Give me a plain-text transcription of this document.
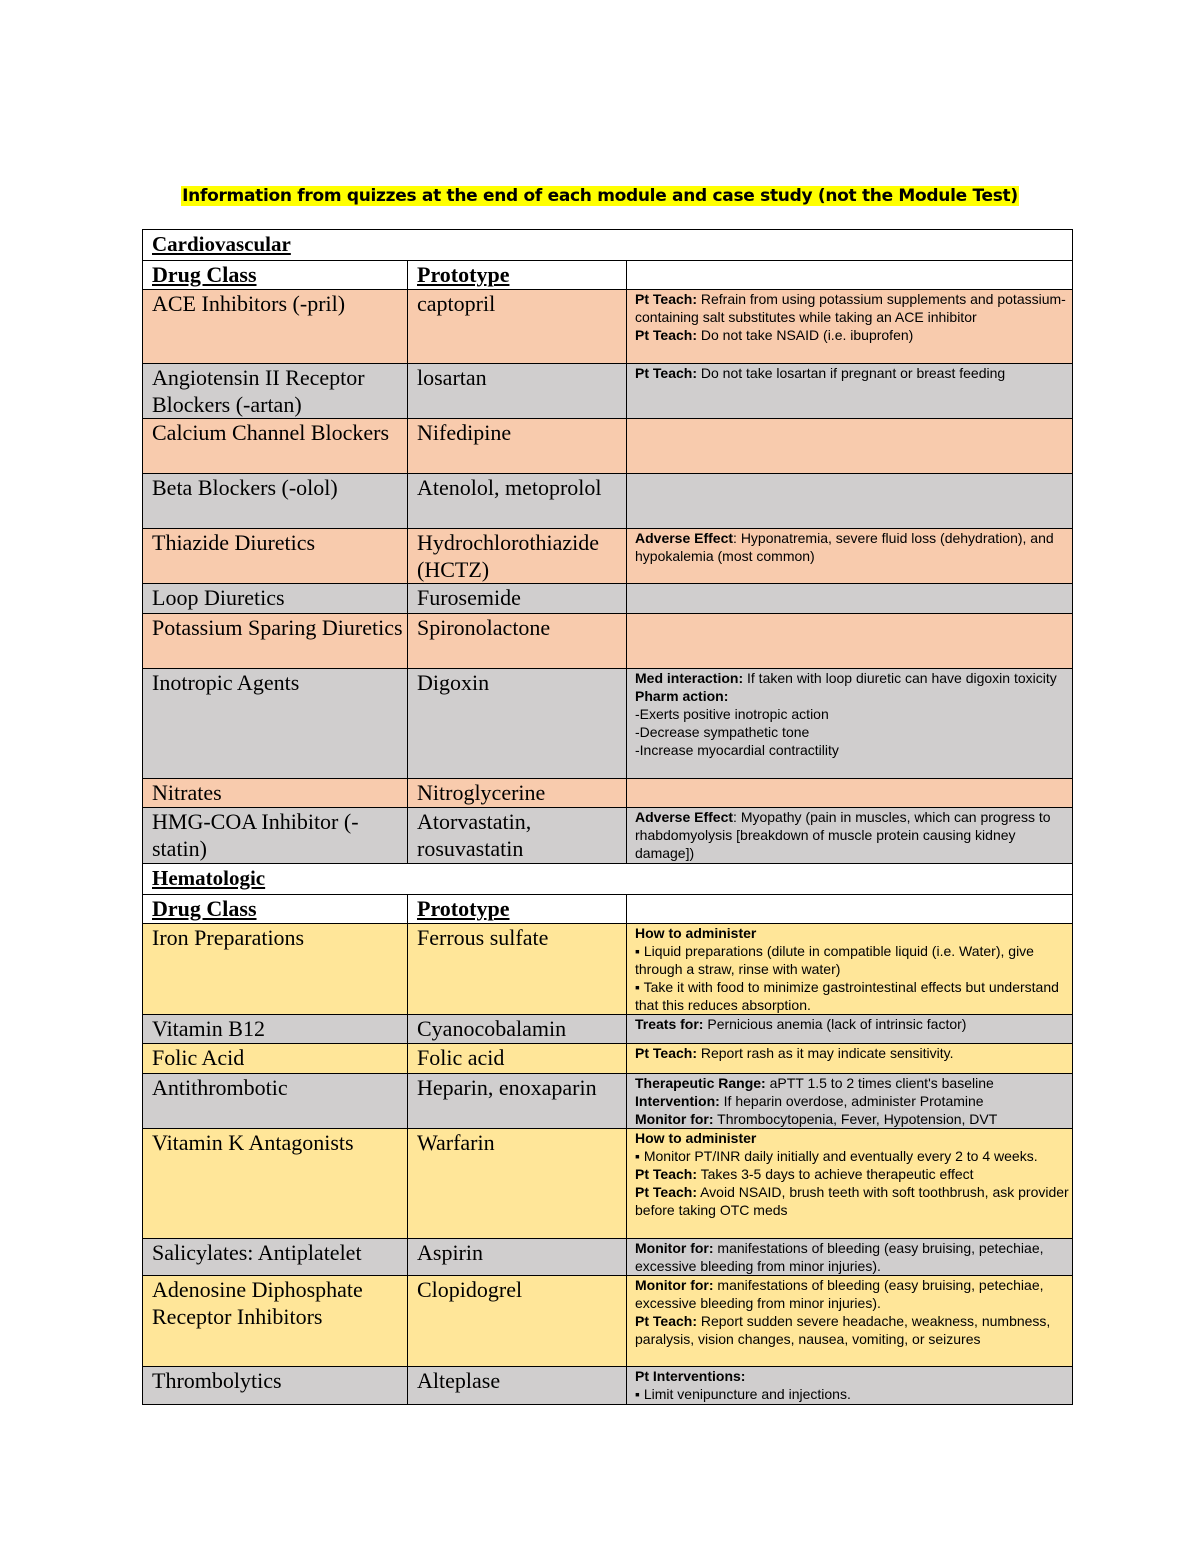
Information from quizzes at the end of each module and case study (not the Module Test)
Cardiovascular		
Drug Class	Prototype	
ACE Inhibitors (-pril)	captopril	Pt Teach: Refrain from using potassium supplements and potassium-containing salt substitutes while taking an ACE inhibitor
Pt Teach: Do not take NSAID (i.e. ibuprofen)

Angiotensin II Receptor Blockers (-artan)	losartan	Pt Teach: Do not take losartan if pregnant or breast feeding

Calcium Channel Blockers	Nifedipine	
Beta Blockers (-olol)	Atenolol, metoprolol	
Thiazide Diuretics	Hydrochlorothiazide (HCTZ)	Adverse Effect: Hyponatremia, severe fluid loss (dehydration), and hypokalemia (most common)

Loop Diuretics	Furosemide	
Potassium Sparing Diuretics	Spironolactone	
Inotropic Agents	Digoxin	Med interaction: If taken with loop diuretic can have digoxin toxicity
Pharm action:
-Exerts positive inotropic action
-Decrease sympathetic tone
-Increase myocardial contractility

Nitrates	Nitroglycerine	
HMG-COA Inhibitor (-statin)	Atorvastatin, rosuvastatin	Adverse Effect: Myopathy (pain in muscles, which can progress to rhabdomyolysis [breakdown of muscle protein causing kidney damage])

Hematologic		
Drug Class	Prototype	
Iron Preparations	Ferrous sulfate	How to administer
▪ Liquid preparations (dilute in compatible liquid (i.e. Water), give through a straw, rinse with water)
▪ Take it with food to minimize gastrointestinal effects but understand that this reduces absorption.

Vitamin B12	Cyanocobalamin	Treats for: Pernicious anemia (lack of intrinsic factor)

Folic Acid	Folic acid	Pt Teach: Report rash as it may indicate sensitivity.

Antithrombotic	Heparin, enoxaparin	Therapeutic Range: aPTT 1.5 to 2 times client's baseline
Intervention: If heparin overdose, administer Protamine
Monitor for: Thrombocytopenia, Fever, Hypotension, DVT

Vitamin K Antagonists	Warfarin	How to administer
▪ Monitor PT/INR daily initially and eventually every 2 to 4 weeks.
Pt Teach: Takes 3-5 days to achieve therapeutic effect
Pt Teach: Avoid NSAID, brush teeth with soft toothbrush, ask provider before taking OTC meds

Salicylates: Antiplatelet	Aspirin	Monitor for: manifestations of bleeding (easy bruising, petechiae, excessive bleeding from minor injuries).

Adenosine Diphosphate Receptor Inhibitors	Clopidogrel	Monitor for: manifestations of bleeding (easy bruising, petechiae, excessive bleeding from minor injuries).
Pt Teach: Report sudden severe headache, weakness, numbness, paralysis, vision changes, nausea, vomiting, or seizures

Thrombolytics	Alteplase	Pt Interventions:
▪ Limit venipuncture and injections.
